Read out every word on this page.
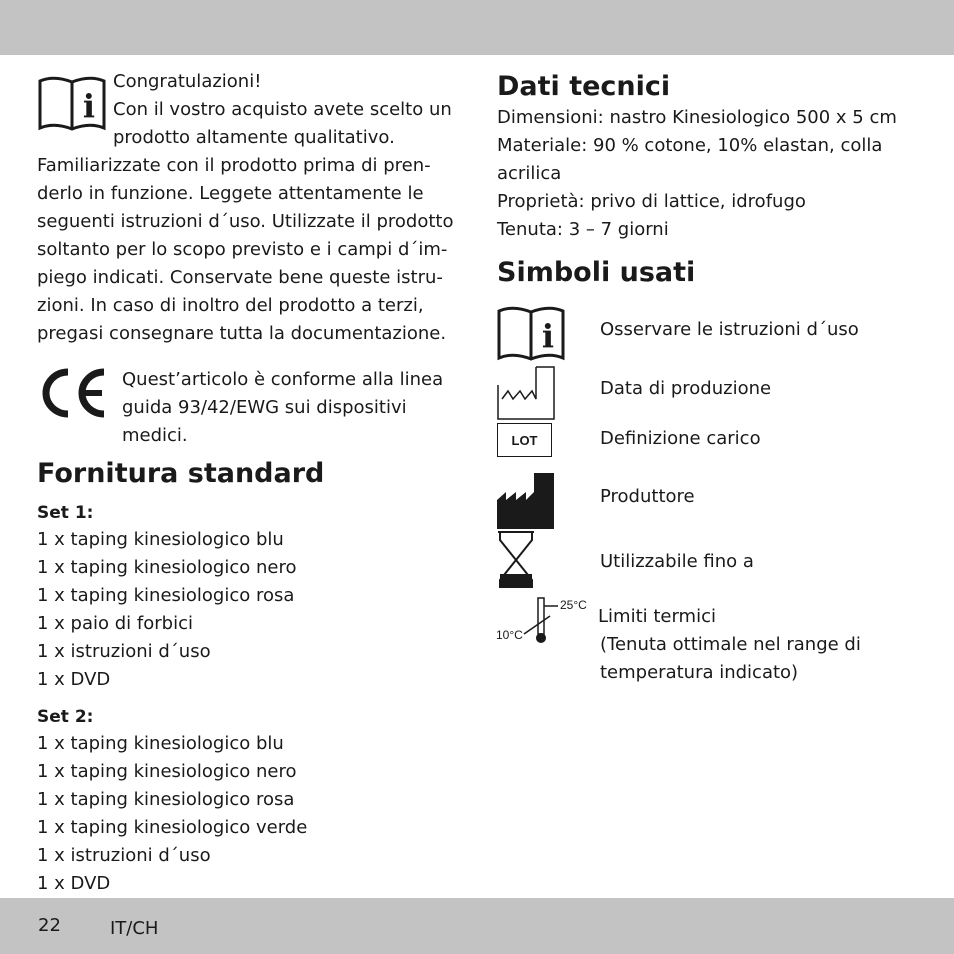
i

Congratulazioni!
Con il vostro acquisto avete scelto un
prodotto altamente qualitativo.

Familiarizzate con il prodotto prima di pren-
derlo in funzione. Leggete attentamente le
seguenti istruzioni d´uso. Utilizzate il prodotto
soltanto per lo scopo previsto e i campi d´im-
piego indicati. Conservate bene queste istru-
zioni. In caso di inoltro del prodotto a terzi,
pregasi consegnare tutta la documentazione.

Quest’articolo è conforme alla linea
guida 93/42/EWG sui dispositivi
medici.

Fornitura standard

Set 1:

1 x taping kinesiologico blu
1 x taping kinesiologico nero
1 x taping kinesiologico rosa
1 x paio di forbici
1 x istruzioni d´uso
1 x DVD

Set 2:

1 x taping kinesiologico blu
1 x taping kinesiologico nero
1 x taping kinesiologico rosa
1 x taping kinesiologico verde
1 x istruzioni d´uso
1 x DVD

Dati tecnici

Dimensioni: nastro Kinesiologico 500 x 5 cm
Materiale: 90 % cotone, 10% elastan, colla
acrilica
Proprietà: privo di lattice, idrofugo
Tenuta: 3 – 7 giorni

Simboli usati
i	Osservare le istruzioni d´uso
Data di produzione
LOT	Definizione carico
Produttore
Utilizzabile fino a
25°C
10°C

Limiti termici
(Tenuta ottimale nel range di
temperatura indicato)

22	IT/CH
